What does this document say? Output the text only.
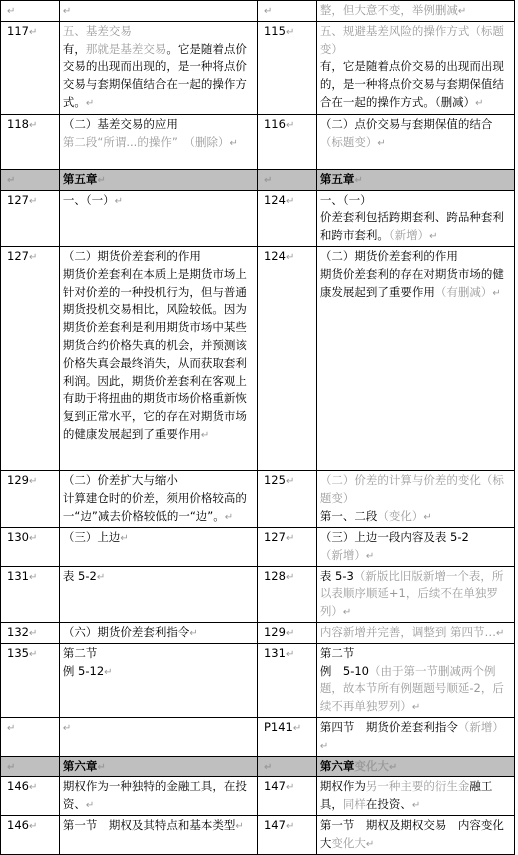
↵	↵	↵	整，但大意不变，举例删减↵
117↵	五、基差交易
有，那就是基差交易。它是随着点价交易的出现而出现的，是一种将点价交易与套期保值结合在一起的操作方式。↵	115↵	五、规避基差风险的操作方式（标题变）
有，它是随着点价交易的出现而出现的，是一种将点价交易与套期保值结合在一起的操作方式。（删减）↵
118↵	（二）基差交易的应用
第二段“所谓...的操作”　（删除）↵	116↵	（二）点价交易与套期保值的结合（标题变）↵
↵	第五章↵	↵	第五章↵
127↵	一、（一）↵	124↵	一、（一）
价差套利包括跨期套利、跨品种套利和跨市套利。（新增）↵
127↵	（二）期货价差套利的作用
期货价差套利在本质上是期货市场上针对价差的一种投机行为，但与普通期货投机交易相比，风险较低。因为期货价差套利是利用期货市场中某些期货合约价格失真的机会，并预测该价格失真会最终消失，从而获取套利利润。因此，期货价差套利在客观上有助于将扭曲的期货市场价格重新恢复到正常水平，它的存在对期货市场的健康发展起到了重要作用↵	124↵	（二）期货价差套利的作用
期货价差套利的存在对期货市场的健康发展起到了重要作用（有删减）↵
129↵	（二）价差扩大与缩小
计算建仓时的价差，须用价格较高的一“边”减去价格较低的一“边”。↵	125↵	（二）价差的计算与价差的变化（标题变）
第一、二段（变化）↵
130↵	（三）上边↵	127↵	（三）上边一段内容及表 5-2（新增）↵
131↵	表 5-2↵	128↵	表 5-3（新版比旧版新增一个表，所以表顺序顺延+1，后续不在单独罗列）↵
132↵	（六）期货价差套利指令↵	129↵	内容新增并完善，调整到 第四节…↵
135↵	第二节
例 5-12↵	131↵	第二节
例　5-10（由于第一节删减两个例题，故本节所有例题题号顺延-2，后续不再单独罗列）↵
↵	↵	P141↵	第四节　期货价差套利指令（新增）↵
↵	第六章↵	↵	第六章变化大↵
146↵	期权作为一种独特的金融工具，在投资、↵	147↵	期权作为另一种主要的衍生金融工具，同样在投资、↵
146↵	第一节　期权及其特点和基本类型↵	147↵	第一节　期权及期权交易　内容变化大变化大↵
